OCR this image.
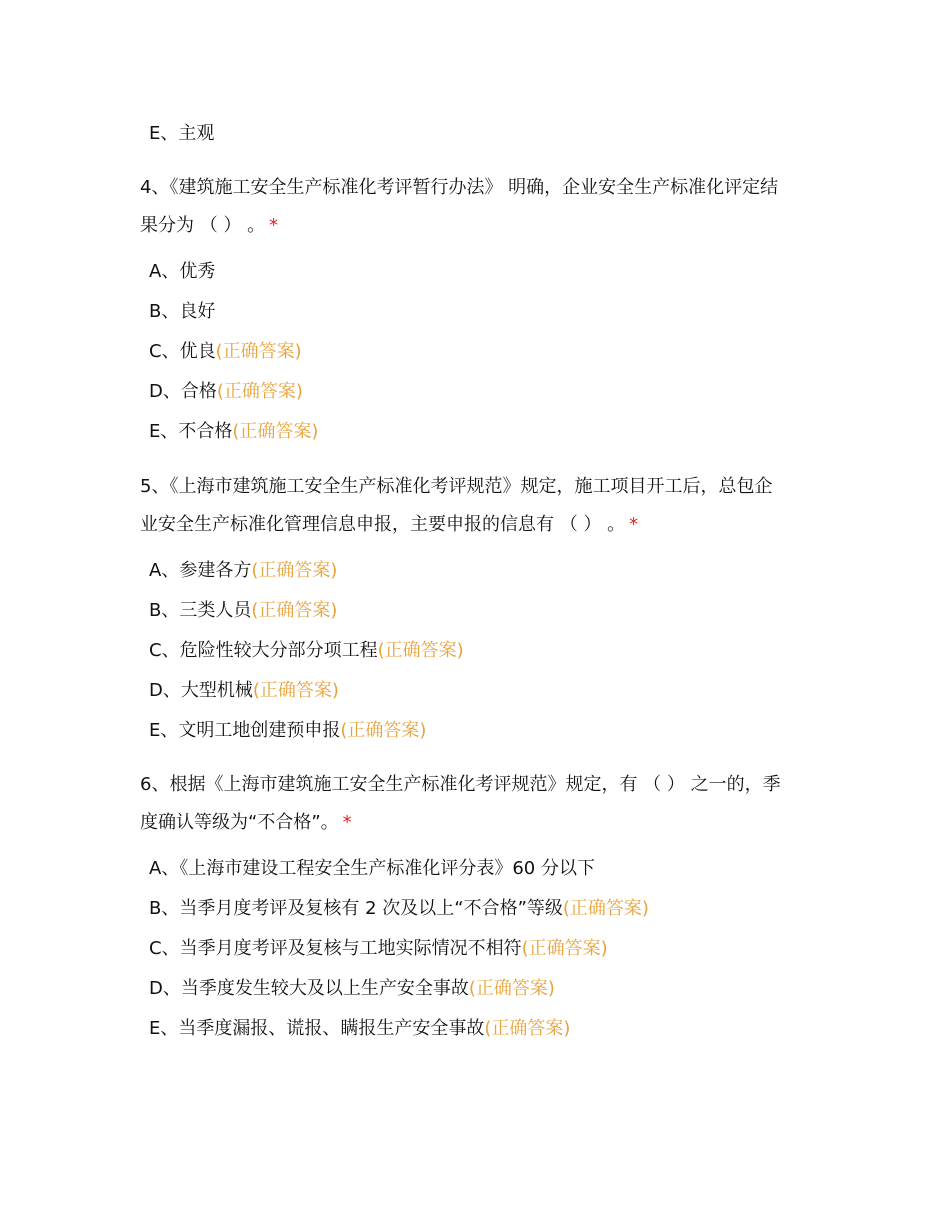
E、主观
4、《建筑施工安全生产标准化考评暂行办法》 明确，企业安全生产标准化评定结
果分为 （ ） 。 *
A、优秀
B、良好
C、优良(正确答案)
D、合格(正确答案)
E、不合格(正确答案)
5、《上海市建筑施工安全生产标准化考评规范》规定，施工项目开工后，总包企
业安全生产标准化管理信息申报，主要申报的信息有 （ ） 。 *
A、参建各方(正确答案)
B、三类人员(正确答案)
C、危险性较大分部分项工程(正确答案)
D、大型机械(正确答案)
E、文明工地创建预申报(正确答案)
6、根据《上海市建筑施工安全生产标准化考评规范》规定，有 （ ） 之一的，季
度确认等级为“不合格”。 *
A、《上海市建设工程安全生产标准化评分表》60 分以下
B、当季月度考评及复核有 2 次及以上“不合格”等级(正确答案)
C、当季月度考评及复核与工地实际情况不相符(正确答案)
D、当季度发生较大及以上生产安全事故(正确答案)
E、当季度漏报、谎报、瞒报生产安全事故(正确答案)
